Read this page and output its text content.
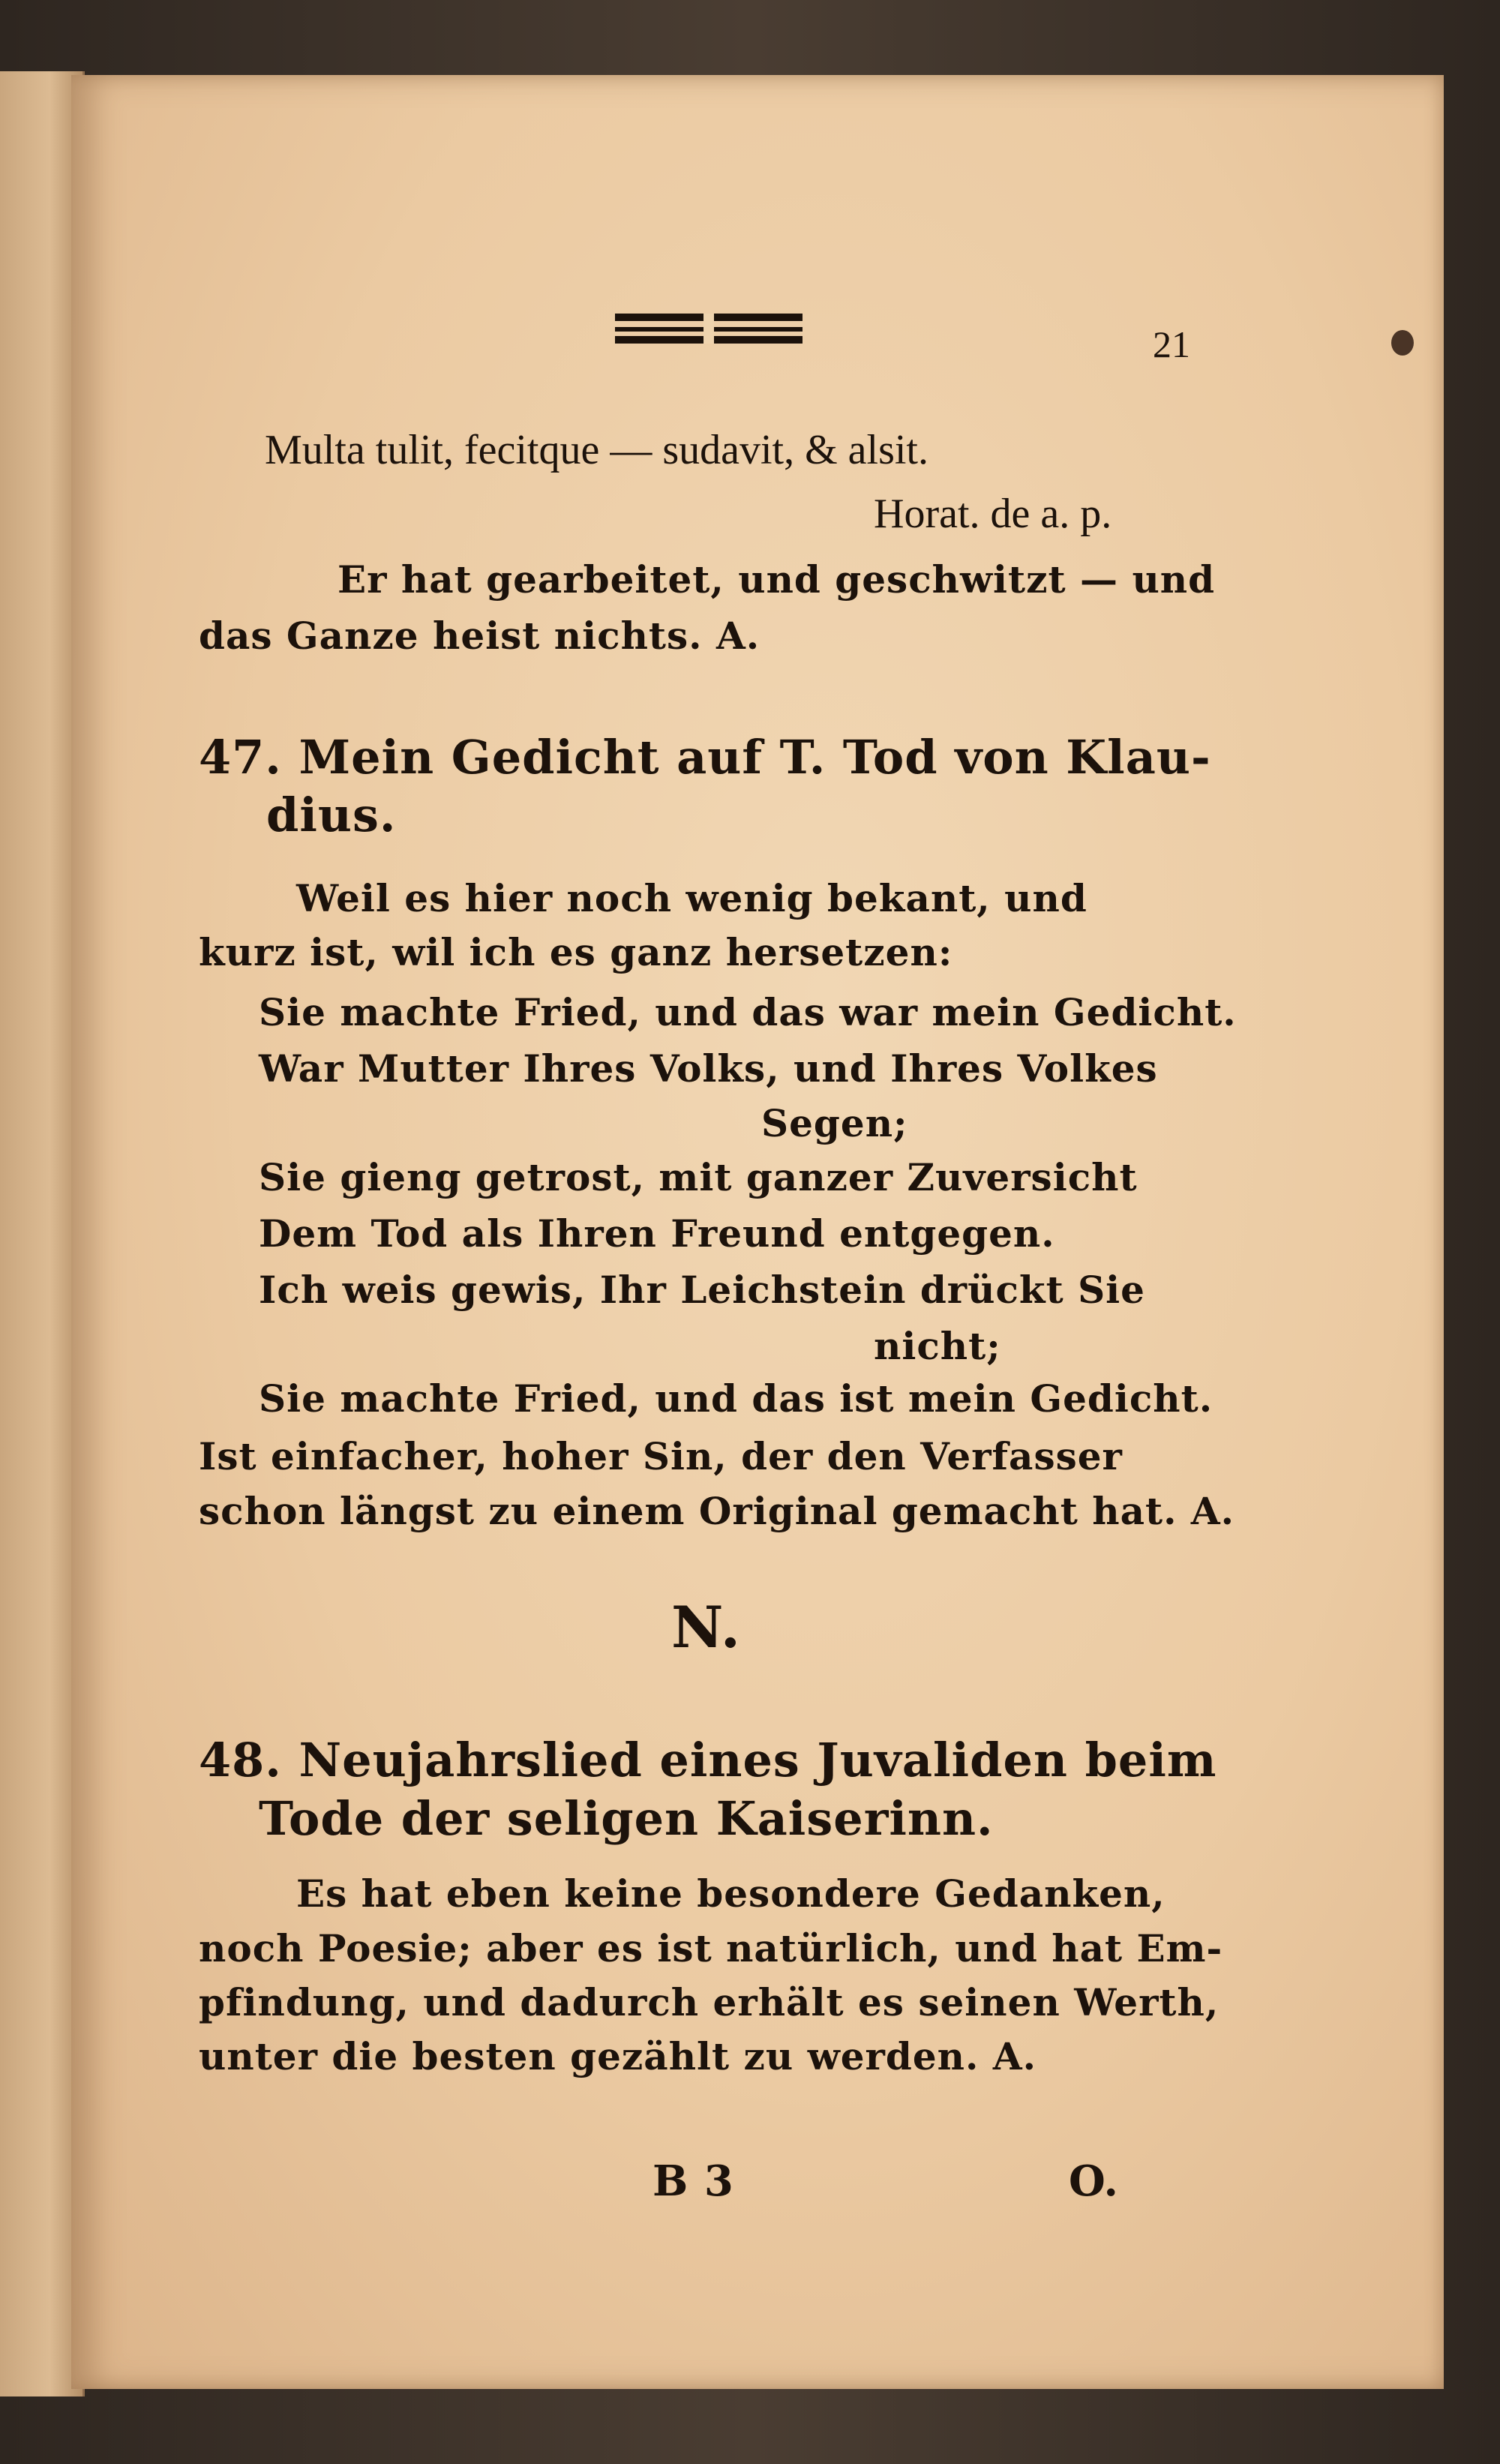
21
Multa tulit, fecitque — sudavit, & alsit.
Horat. de a. p.
Er hat gearbeitet, und geschwitzt — und
das Ganze heist nichts. A.
47. Mein Gedicht auf T. Tod von Klau-
dius.
Weil es hier noch wenig bekant, und
kurz ist, wil ich es ganz hersetzen:
Sie machte Fried, und das war mein Gedicht.
War Mutter Ihres Volks, und Ihres Volkes
Segen;
Sie gieng getrost, mit ganzer Zuversicht
Dem Tod als Ihren Freund entgegen.
Ich weis gewis, Ihr Leichstein drückt Sie
nicht;
Sie machte Fried, und das ist mein Gedicht.
Ist einfacher, hoher Sin, der den Verfasser
schon längst zu einem Original gemacht hat. A.
N.
48. Neujahrslied eines Juvaliden beim
Tode der seligen Kaiserinn.
Es hat eben keine besondere Gedanken,
noch Poesie; aber es ist natürlich, und hat Em-
pfindung, und dadurch erhält es seinen Werth,
unter die besten gezählt zu werden. A.
B 3	O.
